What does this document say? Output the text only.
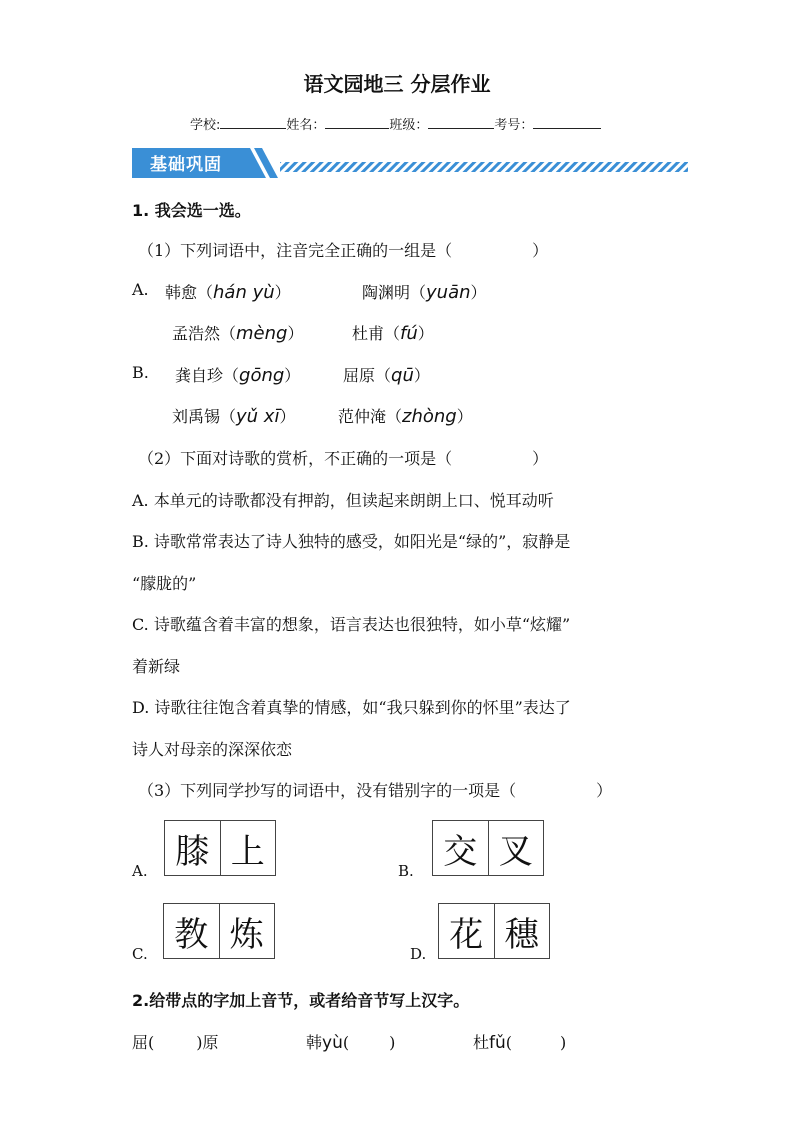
语文园地三 分层作业
学校:	姓名：	班级：	考号：
基础巩固
1. 我会选一选。
（1）下列词语中，注音完全正确的一组是（　　　　　）
A. 韩愈（hán yù）	陶渊明（yuān）
孟浩然（mèng）	杜甫（fú）
B. 龚自珍（gōng）	屈原（qū）
刘禹锡（yǔ xī）	范仲淹（zhòng）
（2）下面对诗歌的赏析，不正确的一项是（　　　　　）
A. 本单元的诗歌都没有押韵，但读起来朗朗上口、悦耳动听
B. 诗歌常常表达了诗人独特的感受，如阳光是“绿的”，寂静是
“朦胧的”
C. 诗歌蕴含着丰富的想象，语言表达也很独特，如小草“炫耀”
着新绿
D. 诗歌往往饱含着真挚的情感，如“我只躲到你的怀里”表达了
诗人对母亲的深深依恋
（3）下列同学抄写的词语中，没有错别字的一项是（　　　　　）
A. 膝 上	B. 交 叉
C. 教 炼	D. 花 穗
2.给带点的字加上音节，或者给音节写上汉字。
屈(	)原	韩yù(	)	杜fǔ(	)
